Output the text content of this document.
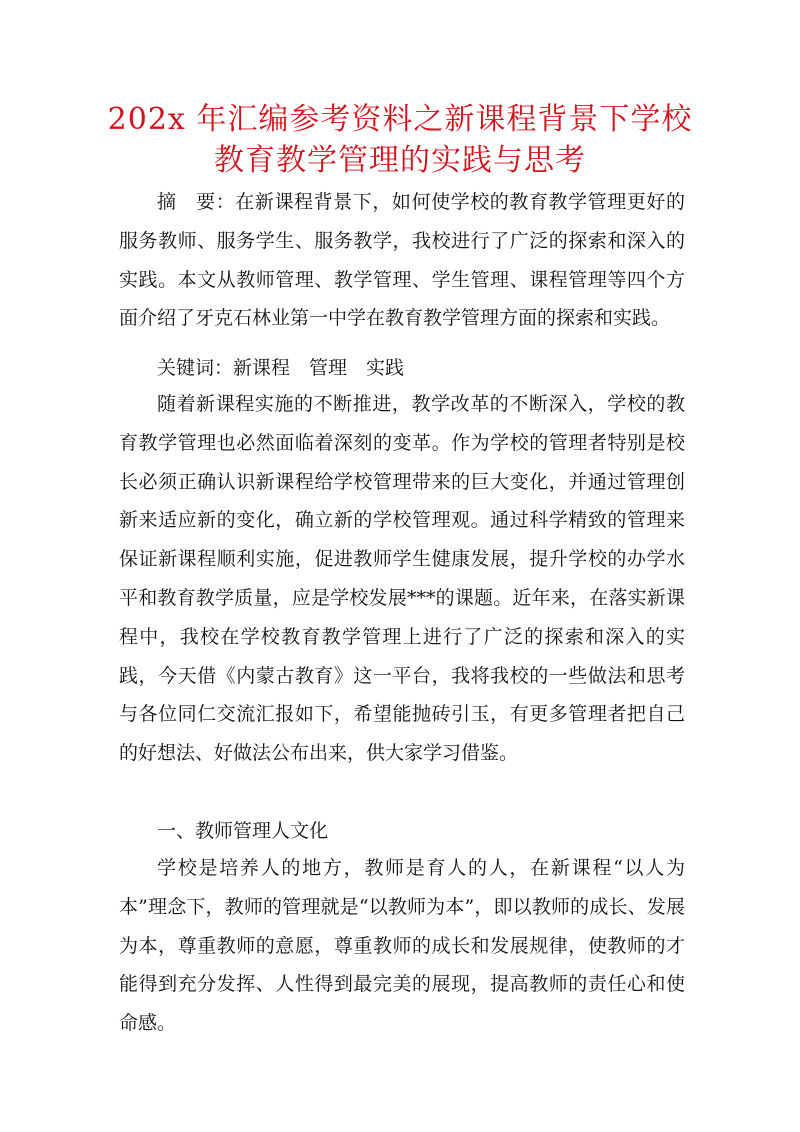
202x 年汇编参考资料之新课程背景下学校
教育教学管理的实践与思考

摘　要：在新课程背景下，如何使学校的教育教学管理更好的服务教师、服务学生、服务教学，我校进行了广泛的探索和深入的实践。本文从教师管理、教学管理、学生管理、课程管理等四个方面介绍了牙克石林业第一中学在教育教学管理方面的探索和实践。

关键词：新课程　管理　实践

随着新课程实施的不断推进，教学改革的不断深入，学校的教育教学管理也必然面临着深刻的变革。作为学校的管理者特别是校长必须正确认识新课程给学校管理带来的巨大变化，并通过管理创新来适应新的变化，确立新的学校管理观。通过科学精致的管理来保证新课程顺利实施，促进教师学生健康发展，提升学校的办学水平和教育教学质量，应是学校发展***的课题。近年来，在落实新课程中，我校在学校教育教学管理上进行了广泛的探索和深入的实践，今天借《内蒙古教育》这一平台，我将我校的一些做法和思考与各位同仁交流汇报如下，希望能抛砖引玉，有更多管理者把自己的好想法、好做法公布出来，供大家学习借鉴。

一、教师管理人文化

学校是培养人的地方，教师是育人的人，在新课程“以人为本”理念下，教师的管理就是“以教师为本”，即以教师的成长、发展为本，尊重教师的意愿，尊重教师的成长和发展规律，使教师的才能得到充分发挥、人性得到最完美的展现，提高教师的责任心和使命感。
